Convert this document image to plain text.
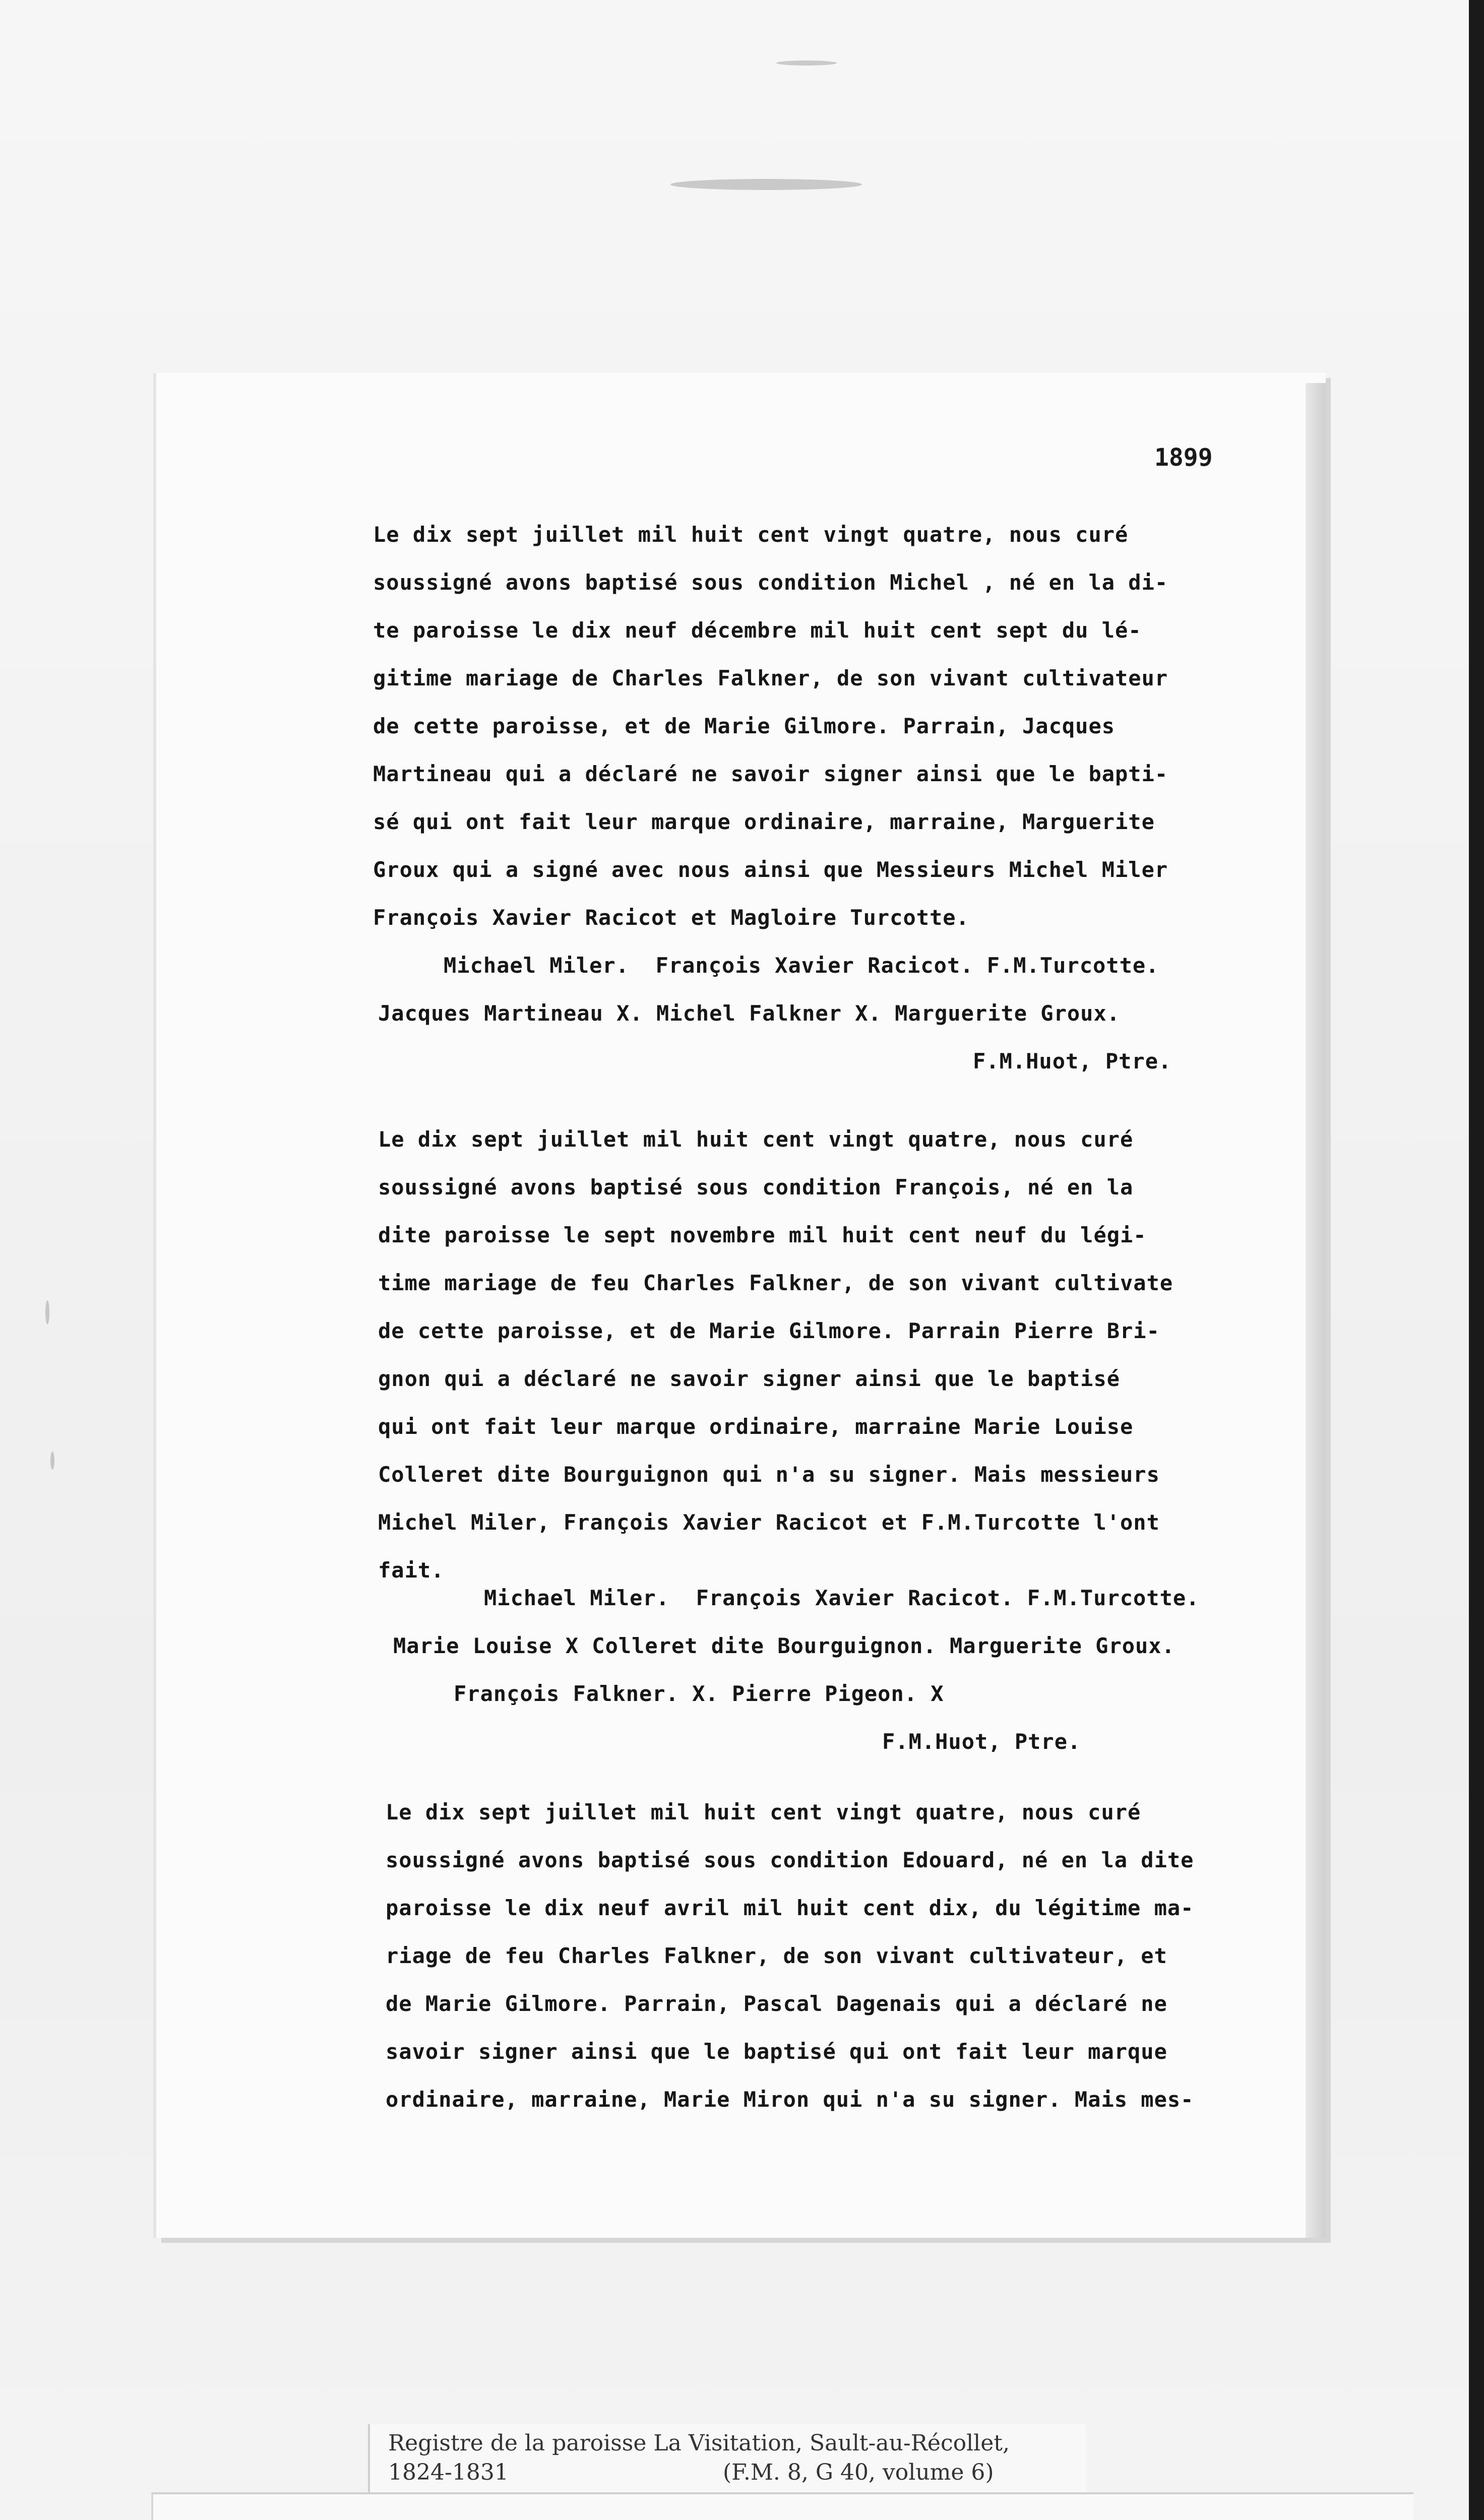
1899

Le dix sept juillet mil huit cent vingt quatre, nous curé
soussigné avons baptisé sous condition Michel , né en la di-
te paroisse le dix neuf décembre mil huit cent sept du lé-
gitime mariage de Charles Falkner, de son vivant cultivateur
de cette paroisse, et de Marie Gilmore. Parrain, Jacques
Martineau qui a déclaré ne savoir signer ainsi que le bapti-
sé qui ont fait leur marque ordinaire, marraine, Marguerite
Groux qui a signé avec nous ainsi que Messieurs Michel Miler
François Xavier Racicot et Magloire Turcotte.
Michael Miler.  François Xavier Racicot. F.M.Turcotte.
Jacques Martineau X. Michel Falkner X. Marguerite Groux.
F.M.Huot, Ptre.
Le dix sept juillet mil huit cent vingt quatre, nous curé
soussigné avons baptisé sous condition François, né en la
dite paroisse le sept novembre mil huit cent neuf du légi-
time mariage de feu Charles Falkner, de son vivant cultivate
de cette paroisse, et de Marie Gilmore. Parrain Pierre Bri-
gnon qui a déclaré ne savoir signer ainsi que le baptisé
qui ont fait leur marque ordinaire, marraine Marie Louise
Colleret dite Bourguignon qui n'a su signer. Mais messieurs
Michel Miler, François Xavier Racicot et F.M.Turcotte l'ont
fait.
Michael Miler.  François Xavier Racicot. F.M.Turcotte.
Marie Louise X Colleret dite Bourguignon. Marguerite Groux.
François Falkner. X. Pierre Pigeon. X
F.M.Huot, Ptre.
Le dix sept juillet mil huit cent vingt quatre, nous curé
soussigné avons baptisé sous condition Edouard, né en la dite
paroisse le dix neuf avril mil huit cent dix, du légitime ma-
riage de feu Charles Falkner, de son vivant cultivateur, et
de Marie Gilmore. Parrain, Pascal Dagenais qui a déclaré ne
savoir signer ainsi que le baptisé qui ont fait leur marque
ordinaire, marraine, Marie Miron qui n'a su signer. Mais mes-

Registre de la paroisse La Visitation, Sault-au-Récollet,

1824-1831	(F.M. 8, G 40, volume 6)
